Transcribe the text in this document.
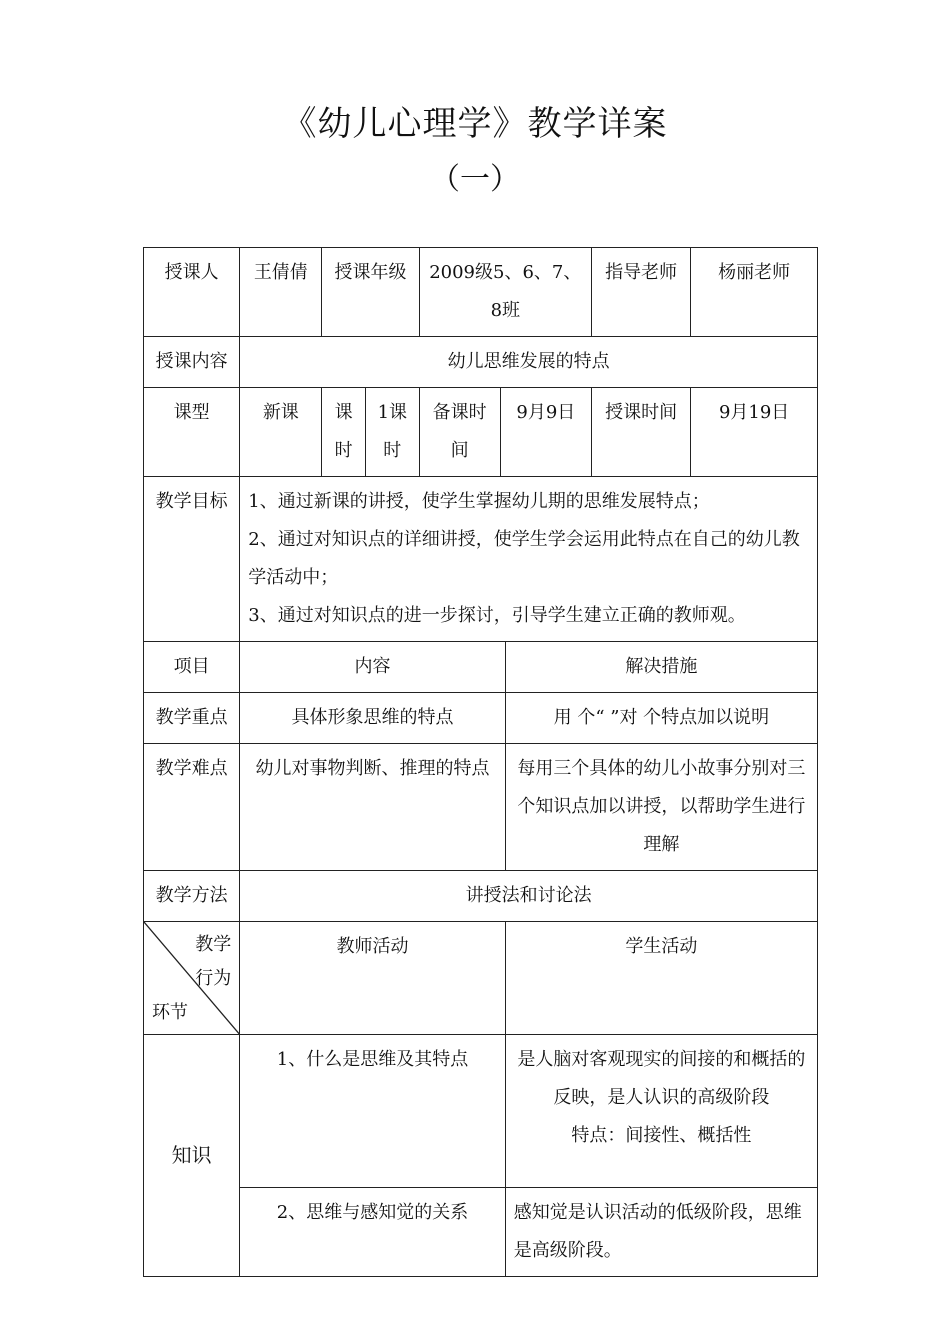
《幼儿心理学》教学详案
（一）
授课人	王倩倩	授课年级		2009级5、6、7、8班			指导老师	杨丽老师
授课内容	幼儿思维发展的特点							
课型	新课	课时	1课时	备课时间	9月9日		授课时间	9月19日
教学目标	1、通过新课的讲授，使学生掌握幼儿期的思维发展特点；
2、通过对知识点的详细讲授，使学生学会运用此特点在自己的幼儿教学活动中；
3、通过对知识点的进一步探讨，引导学生建立正确的教师观。							

项目	内容					解决措施		
教学重点	具体形象思维的特点					用 个“ ”对 个特点加以说明		
教学难点	幼儿对事物判断、推理的特点					每用三个具体的幼儿小故事分别对三个知识点加以讲授，以帮助学生进行理解		
教学方法	讲授法和讨论法							

教学
行为
环节	教师活动					学生活动		

知识	1、什么是思维及其特点					是人脑对客观现实的间接的和概括的反映，是人认识的高级阶段
特点：间接性、概括性		

	2、思维与感知觉的关系					感知觉是认识活动的低级阶段，思维是高级阶段。		
